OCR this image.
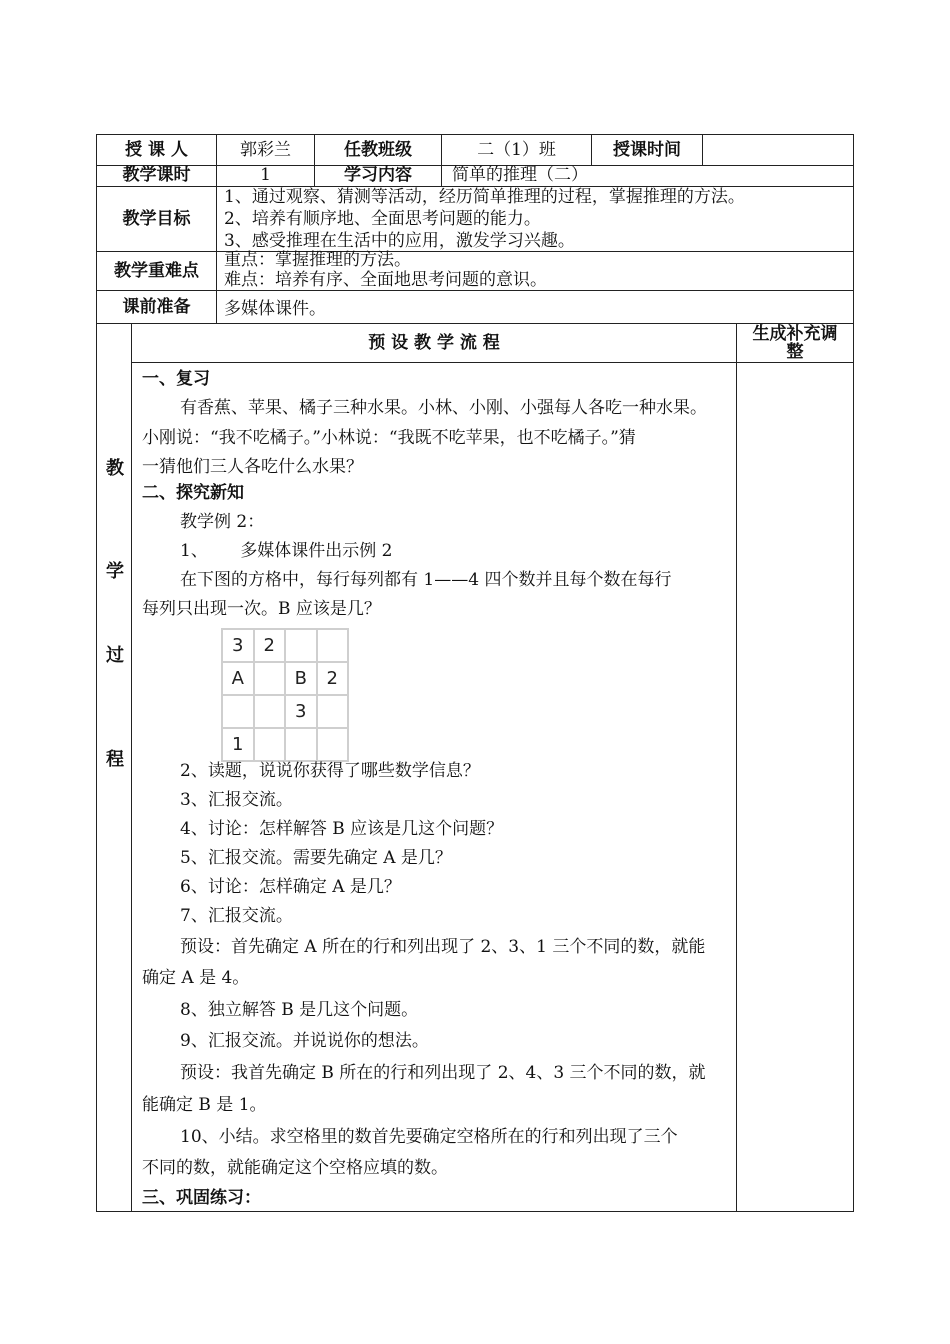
授 课 人	郭彩兰	任教班级	二（1）班	授课时间
教学课时	1	学习内容	简单的推理（二）
教学目标
1、通过观察、猜测等活动，经历简单推理的过程，掌握推理的方法。
2、培养有顺序地、全面思考问题的能力。
3、感受推理在生活中的应用，激发学习兴趣。
教学重难点
重点：掌握推理的方法。
难点：培养有序、全面地思考问题的意识。
课前准备	多媒体课件。
预 设 教 学 流 程	生成补充调
整
教
学
过
程
一、复习
有香蕉、苹果、橘子三种水果。小林、小刚、小强每人各吃一种水果。
小刚说：“我不吃橘子。”小林说：“我既不吃苹果，也不吃橘子。”猜
一猜他们三人各吃什么水果？
二、探究新知
教学例 2：
1、      多媒体课件出示例 2
在下图的方格中，每行每列都有 1——4 四个数并且每个数在每行
每列只出现一次。B 应该是几？
3	2		
A		B	2
		3	
1			
2、读题，说说你获得了哪些数学信息？
3、汇报交流。
4、讨论：怎样解答 B 应该是几这个问题？
5、汇报交流。需要先确定 A 是几？
6、讨论：怎样确定 A 是几？
7、汇报交流。
预设：首先确定 A 所在的行和列出现了 2、3、1 三个不同的数，就能
确定 A 是 4。
8、独立解答 B 是几这个问题。
9、汇报交流。并说说你的想法。
预设：我首先确定 B 所在的行和列出现了 2、4、3 三个不同的数，就
能确定 B 是 1。
10、小结。求空格里的数首先要确定空格所在的行和列出现了三个
不同的数，就能确定这个空格应填的数。
三、巩固练习：
